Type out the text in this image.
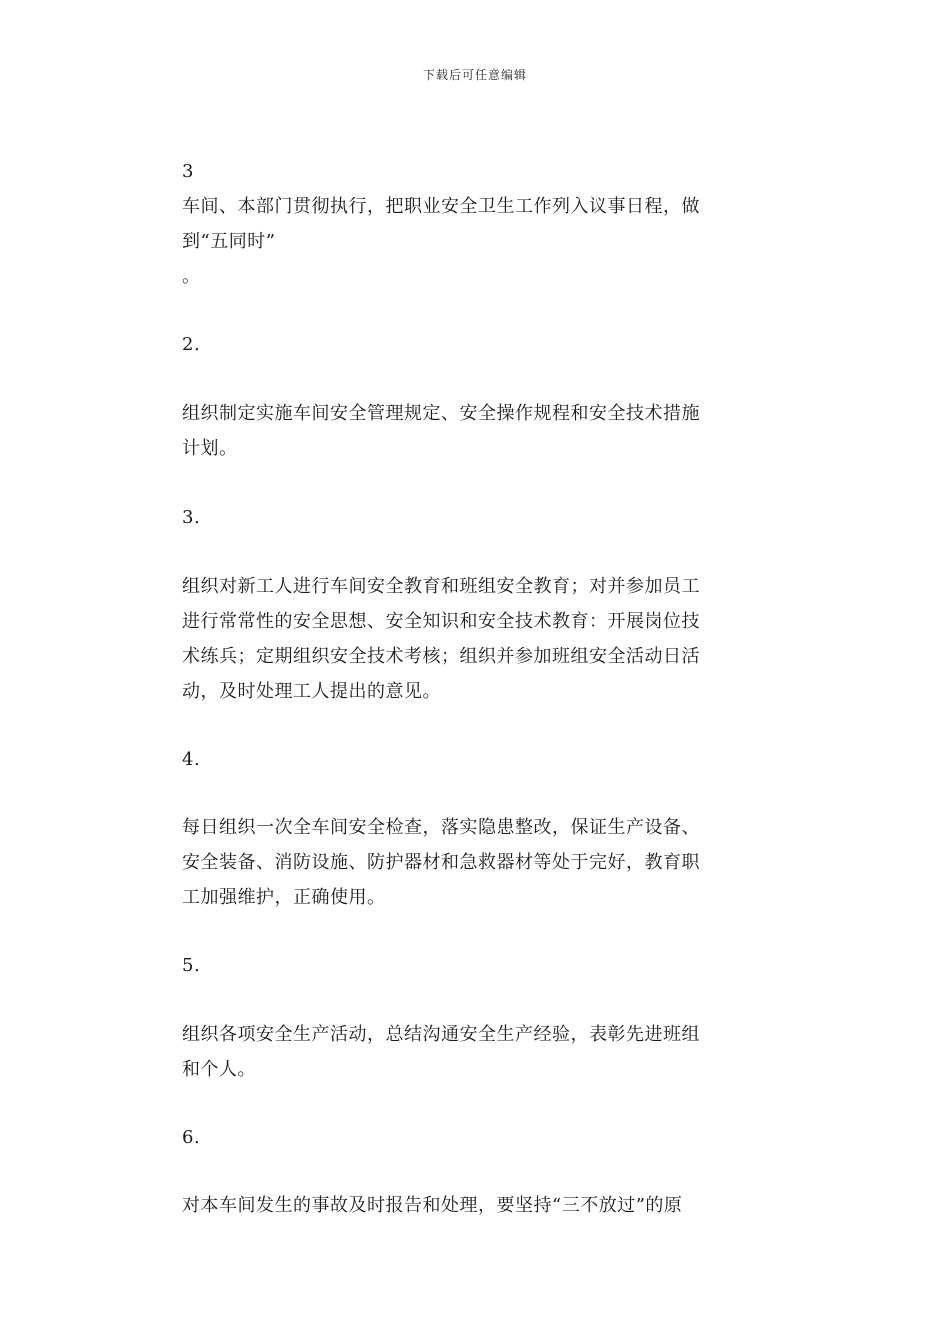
下载后可任意编辑
3
车间、本部门贯彻执行，把职业安全卫生工作列入议事日程，做
到“五同时”
。
2.
组织制定实施车间安全管理规定、安全操作规程和安全技术措施
计划。
3.
组织对新工人进行车间安全教育和班组安全教育；对并参加员工
进行常常性的安全思想、安全知识和安全技术教育：开展岗位技
术练兵；定期组织安全技术考核；组织并参加班组安全活动日活
动，及时处理工人提出的意见。
4.
每日组织一次全车间安全检查，落实隐患整改，保证生产设备、
安全装备、消防设施、防护器材和急救器材等处于完好，教育职
工加强维护，正确使用。
5.
组织各项安全生产活动，总结沟通安全生产经验，表彰先进班组
和个人。
6.
对本车间发生的事故及时报告和处理，要坚持“三不放过”的原
